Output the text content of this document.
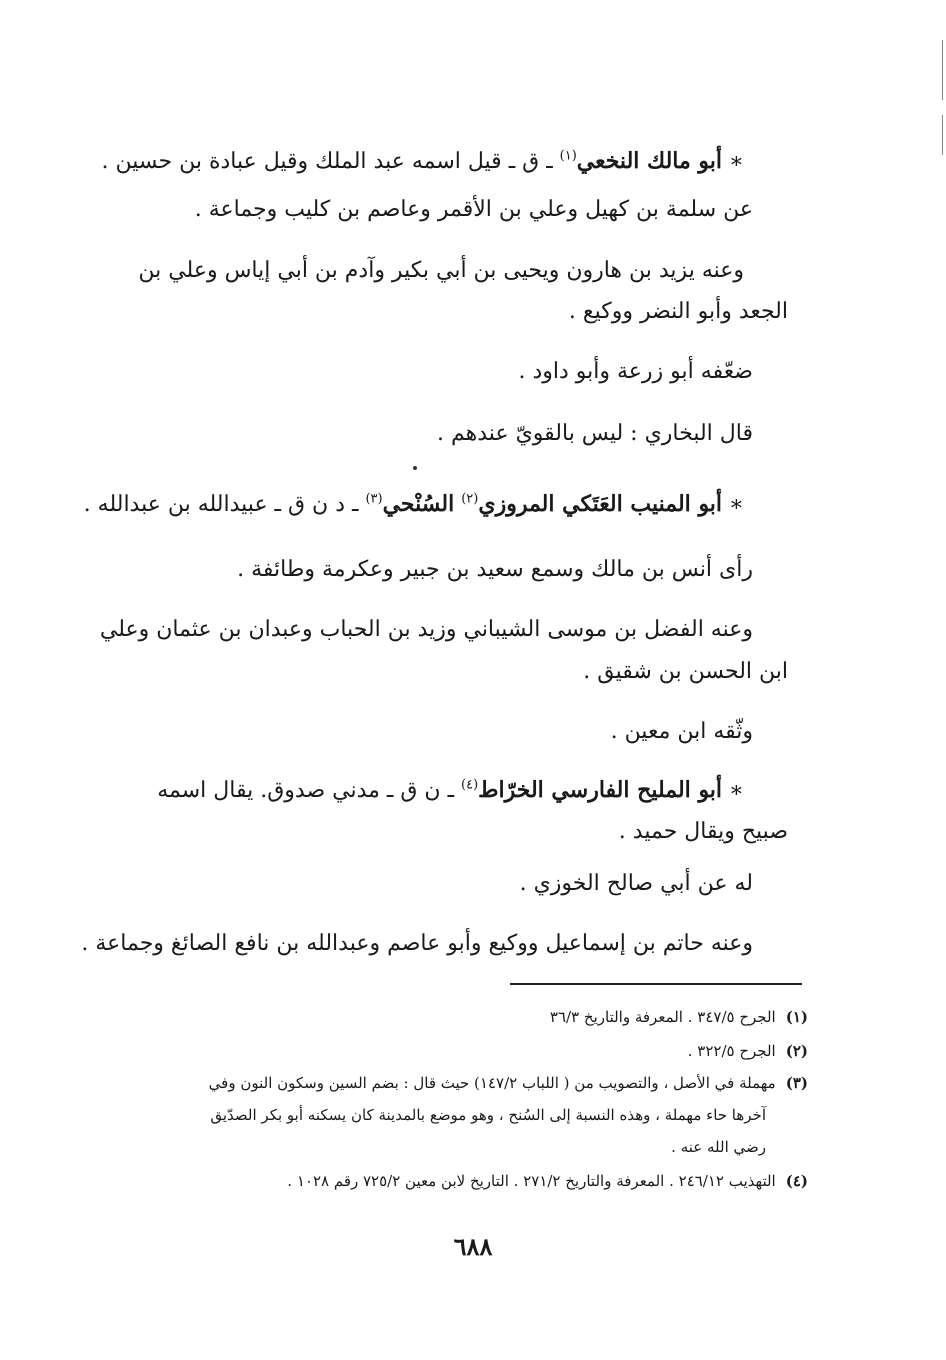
∗ أبو مالك النخعي$^{(١)}$ ـ ق ـ قيل اسمه عبد الملك وقيل عبادة بن حسين .
عن سلمة بن كهيل وعلي بن الأقمر وعاصم بن كليب وجماعة .
وعنه يزيد بن هارون ويحيى بن أبي بكير وآدم بن أبي إياس وعلي بن
الجعد وأبو النضر ووكيع .
ضعّفه أبو زرعة وأبو داود .
قال البخاري : ليس بالقويّ عندهم .
∗ أبو المنيب العَتَكي المروزي$^{(٢)}$ السُنْحي$^{(٣)}$ ـ د ن ق ـ عبيدالله بن عبدالله .
رأى أنس بن مالك وسمع سعيد بن جبير وعكرمة وطائفة .
وعنه الفضل بن موسى الشيباني وزيد بن الحباب وعبدان بن عثمان وعلي
ابن الحسن بن شقيق .
وثّقه ابن معين .
∗ أبو المليح الفارسي الخرّاط$^{(٤)}$ ـ ن ق ـ مدني صدوق. يقال اسمه
صبيح ويقال حميد .
له عن أبي صالح الخوزي .
وعنه حاتم بن إسماعيل ووكيع وأبو عاصم وعبدالله بن نافع الصائغ وجماعة .
(١)الجرح ٣٤٧/٥ . المعرفة والتاريخ ٣٦/٣
(٢)الجرح ٣٢٢/٥ .
(٣)مهملة في الأصل ، والتصويب من ( اللباب ١٤٧/٢) حيث قال : بضم السين وسكون النون وفي
آخرها حاء مهملة ، وهذه النسبة إلى السُنح ، وهو موضع بالمدينة كان يسكنه أبو بكر الصدّيق
رضي الله عنه .
(٤)التهذيب ٢٤٦/١٢ . المعرفة والتاريخ ٢٧١/٢ . التاريخ لابن معين ٧٢٥/٢ رقم ١٠٢٨ .
٦٨٨
